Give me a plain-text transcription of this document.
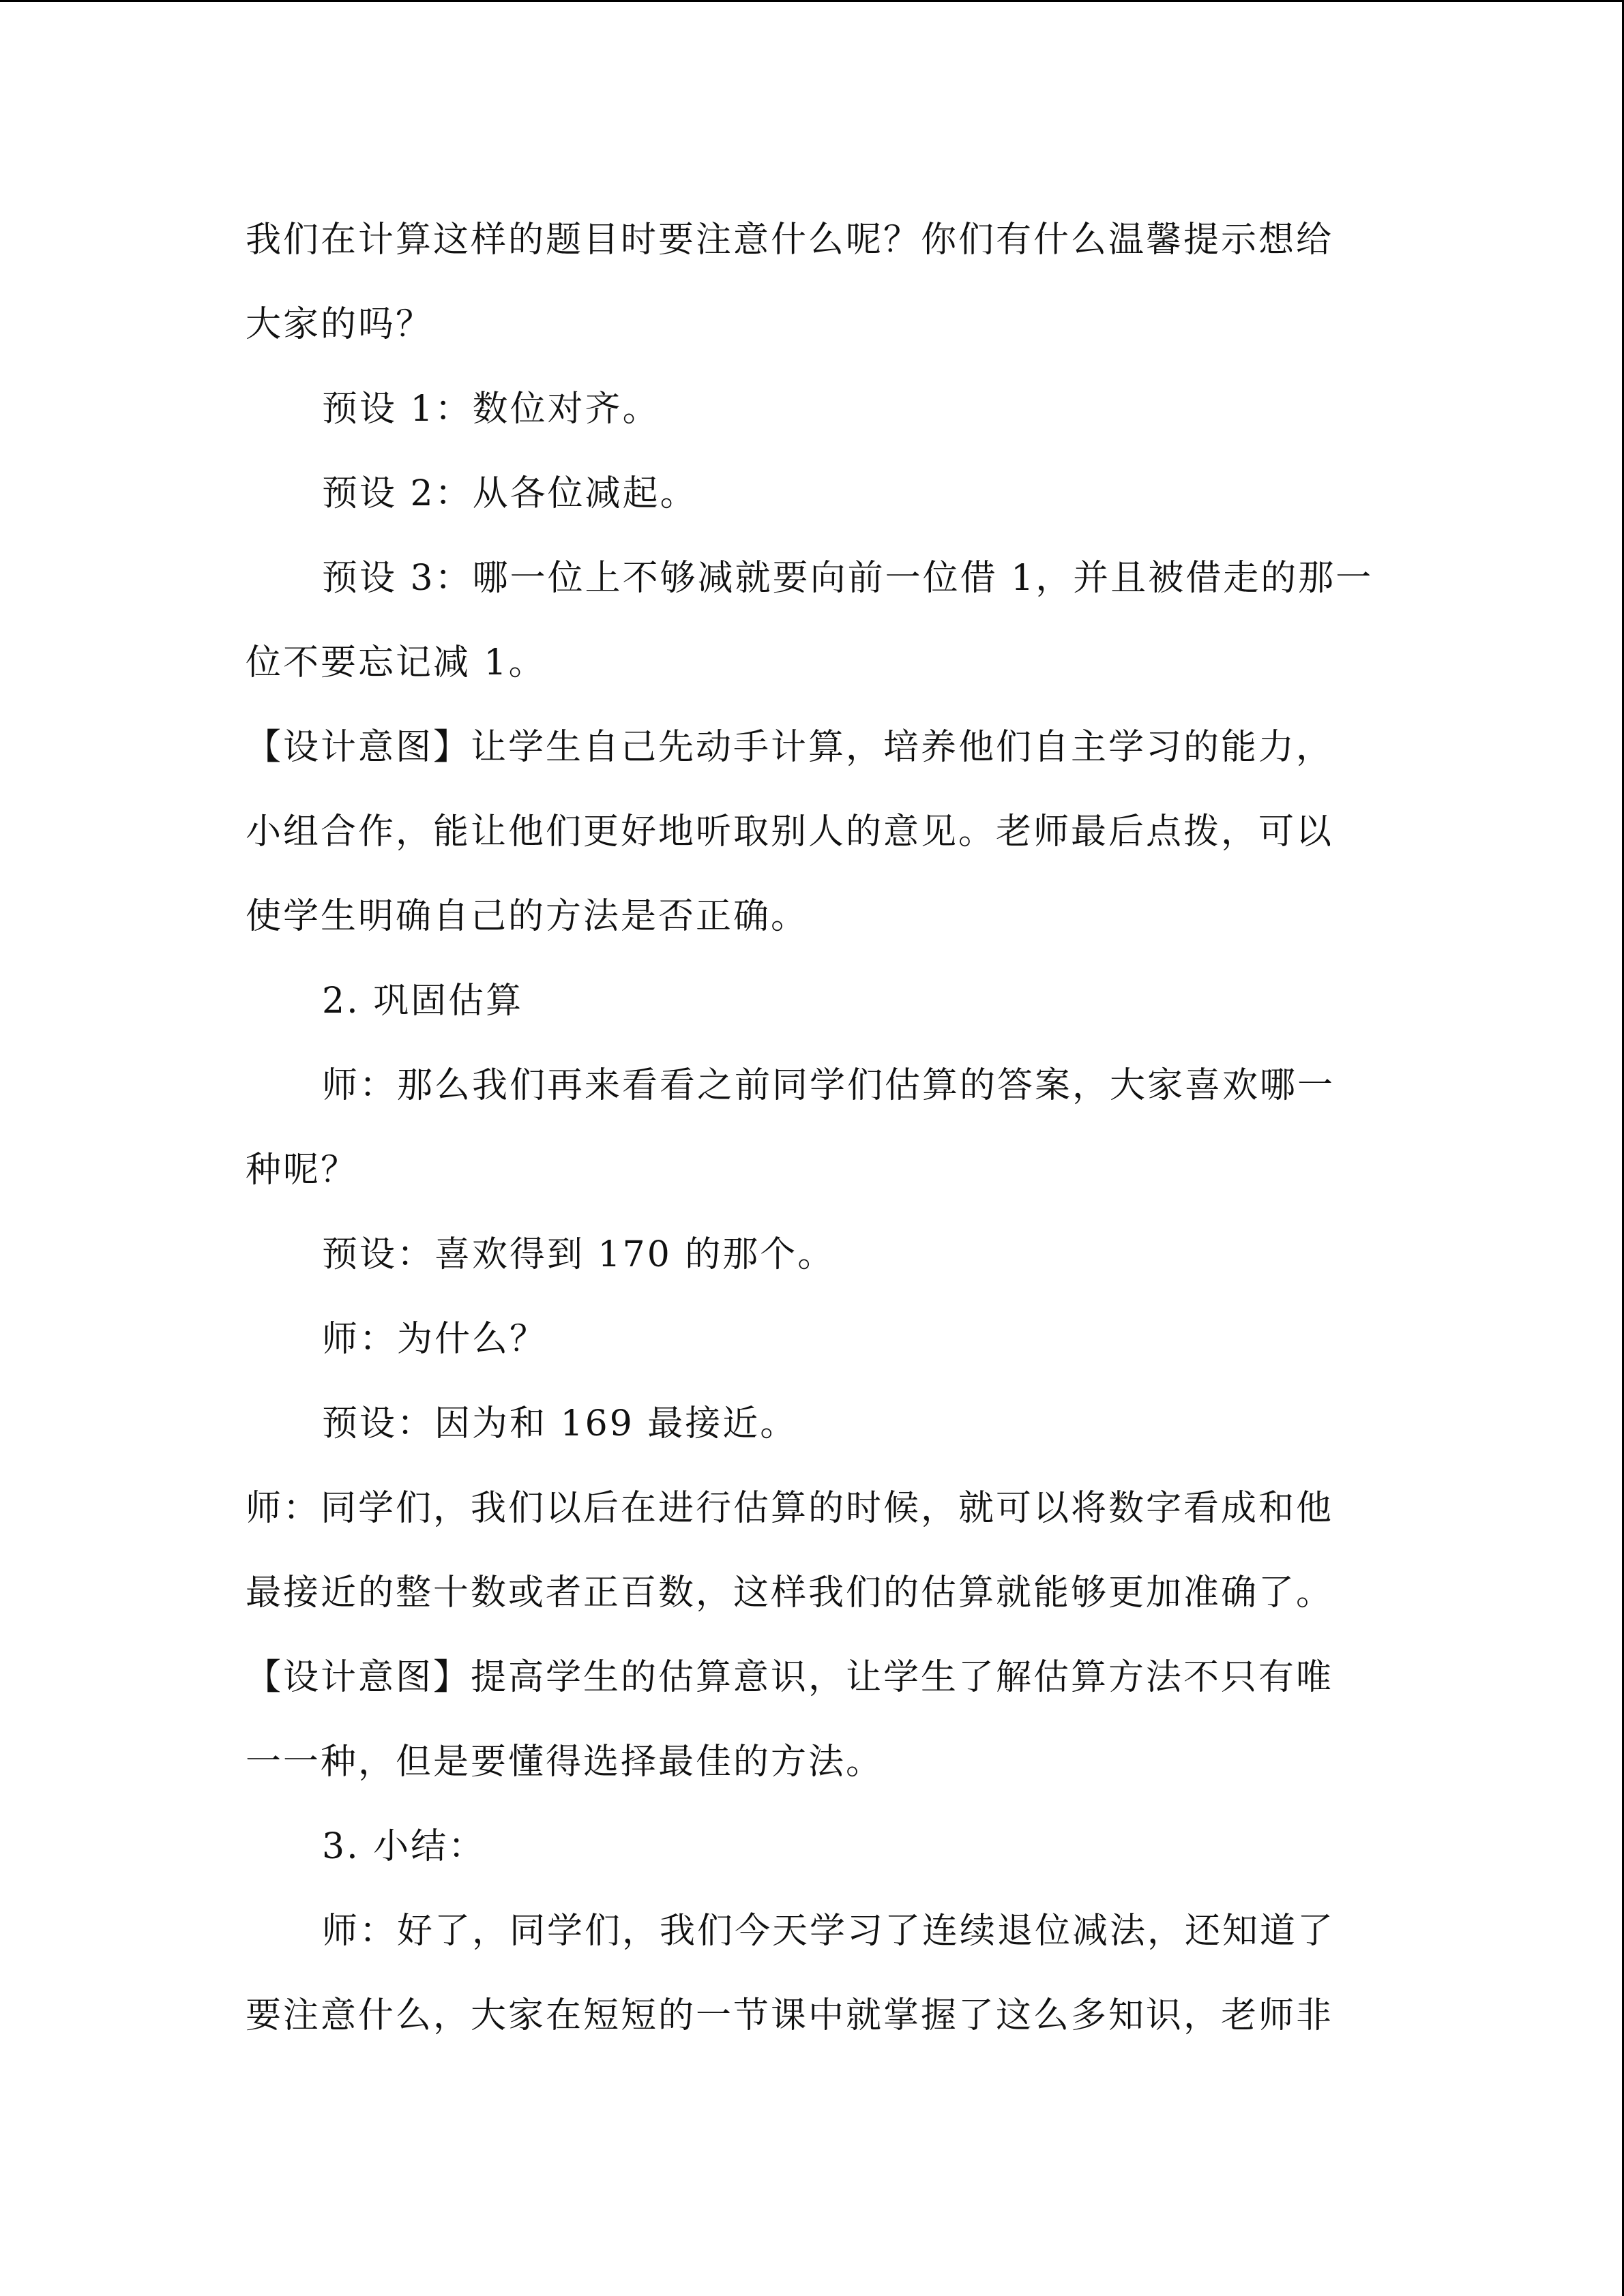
我们在计算这样的题目时要注意什么呢？你们有什么温馨提示想给
大家的吗？
预设 1：数位对齐。
预设 2：从各位减起。
预设 3：哪一位上不够减就要向前一位借 1，并且被借走的那一
位不要忘记减 1。
【设计意图】让学生自己先动手计算，培养他们自主学习的能力，
小组合作，能让他们更好地听取别人的意见。老师最后点拨，可以
使学生明确自己的方法是否正确。
2. 巩固估算
师：那么我们再来看看之前同学们估算的答案，大家喜欢哪一
种呢？
预设：喜欢得到 170 的那个。
师：为什么？
预设：因为和 169 最接近。
师：同学们，我们以后在进行估算的时候，就可以将数字看成和他
最接近的整十数或者正百数，这样我们的估算就能够更加准确了。
【设计意图】提高学生的估算意识，让学生了解估算方法不只有唯
一一种，但是要懂得选择最佳的方法。
3. 小结：
师：好了，同学们，我们今天学习了连续退位减法，还知道了
要注意什么，大家在短短的一节课中就掌握了这么多知识，老师非
